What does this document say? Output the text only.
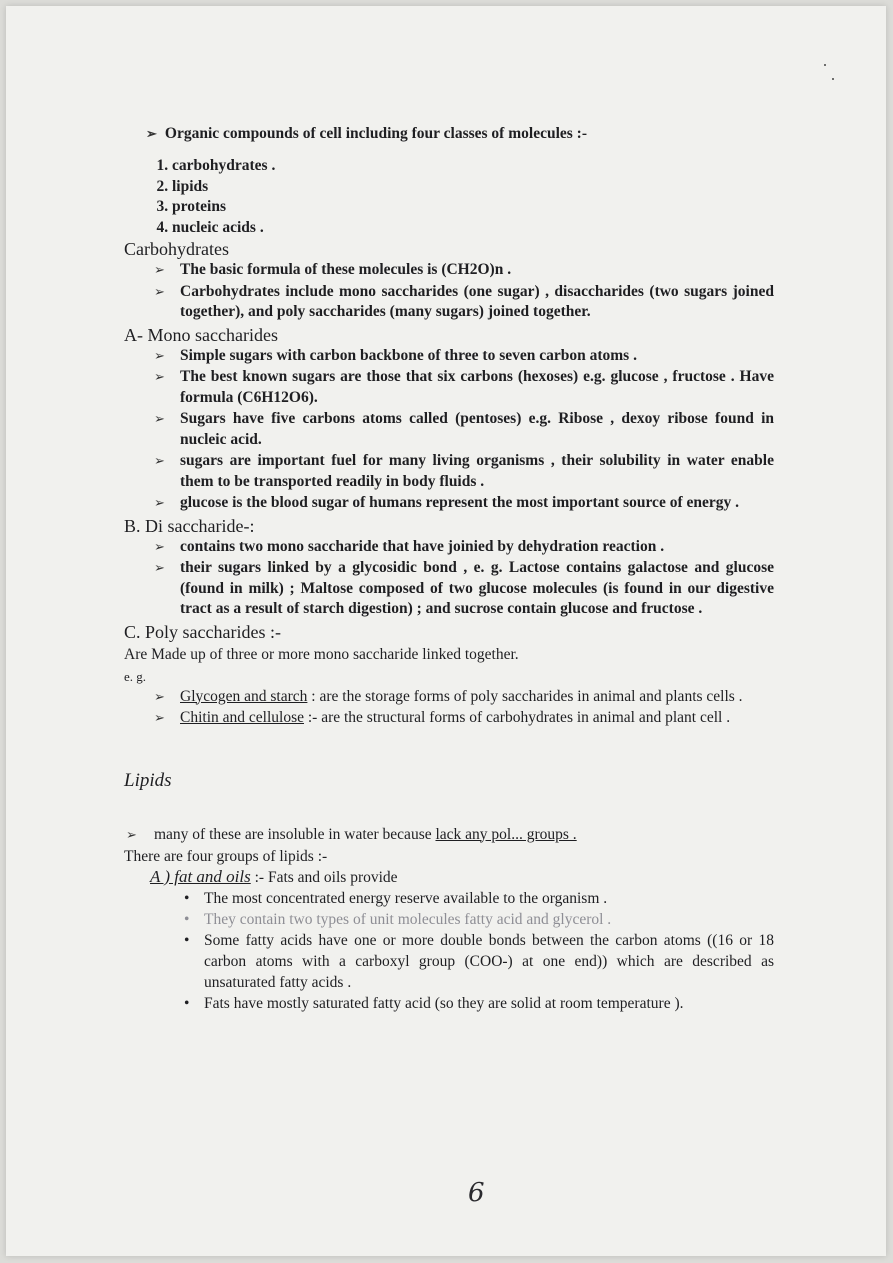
➢ Organic compounds of cell including four classes of molecules :-
1. carbohydrates .
2. lipids
3. proteins
4. nucleic acids .
Carbohydrates
➢ The basic formula of these molecules is (CH2O)n .
➢ Carbohydrates include mono saccharides (one sugar) , disaccharides (two sugars joined together), and poly saccharides (many sugars) joined together.
A- Mono saccharides
➢ Simple sugars with carbon backbone of three to seven carbon atoms .
➢ The best known sugars are those that six carbons (hexoses) e.g. glucose , fructose . Have formula (C6H12O6).
➢ Sugars have five carbons atoms called (pentoses) e.g. Ribose , dexoy ribose found in nucleic acid.
➢ sugars are important fuel for many living organisms , their solubility in water enable them to be transported readily in body fluids .
➢ glucose is the blood sugar of humans represent the most important source of energy .
B. Di saccharide-:
➢ contains two mono saccharide that have joinied by dehydration reaction .
➢ their sugars linked by a glycosidic bond , e. g. Lactose contains galactose and glucose (found in milk) ; Maltose composed of two glucose molecules (is found in our digestive tract as a result of starch digestion) ; and sucrose contain glucose and fructose .
C. Poly saccharides :-
Are Made up of three or more mono saccharide linked together.
e. g.
➢ Glycogen and starch : are the storage forms of poly saccharides in animal and plants cells .
➢ Chitin and cellulose :- are the structural forms of carbohydrates in animal and plant cell .
Lipids
➢ many of these are insoluble in water because lack any pol... groups .
There are four groups of lipids :-
A ) fat and oils :- Fats and oils provide
• The most concentrated energy reserve available to the organism .
• They contain two types of unit molecules fatty acid and glycerol .
• Some fatty acids have one or more double bonds between the carbon atoms ((16 or 18 carbon atoms with a carboxyl group (COO-) at one end)) which are described as unsaturated fatty acids .
• Fats have mostly saturated fatty acid (so they are solid at room temperature ).
6
